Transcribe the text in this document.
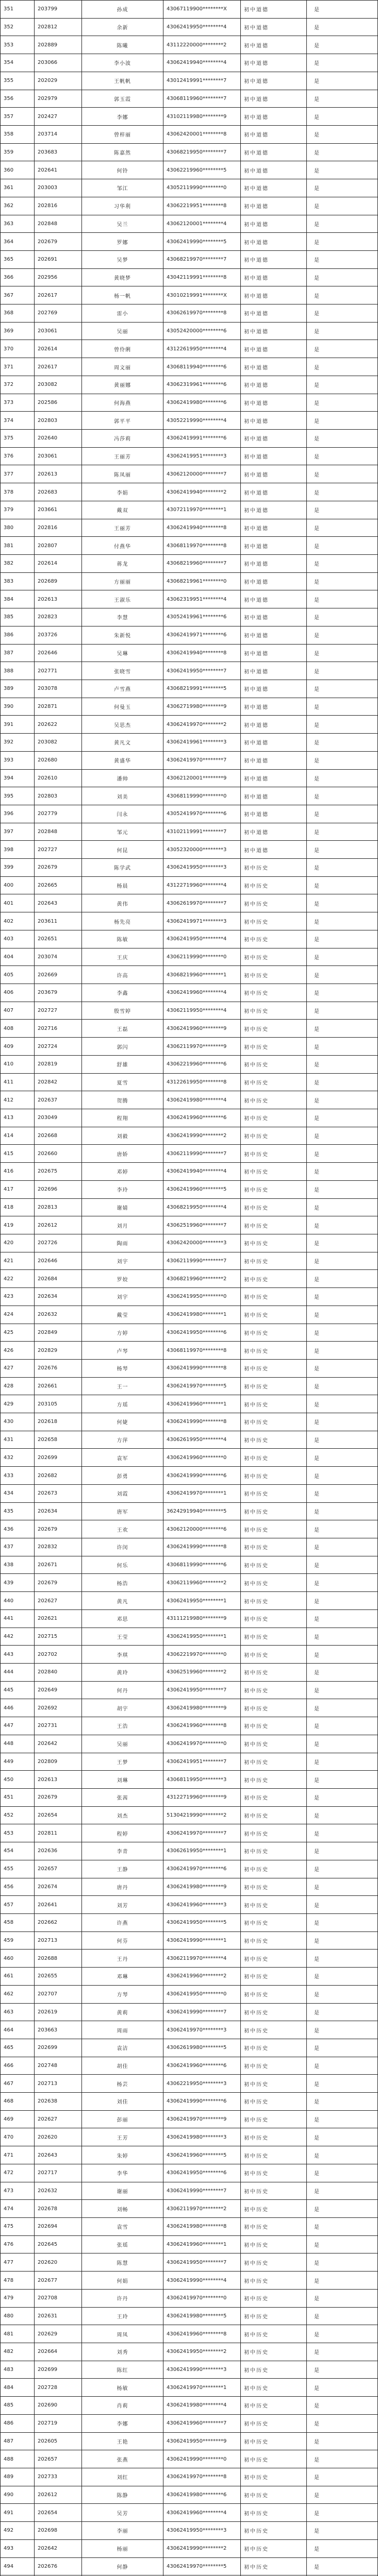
351	203799	孙成	43067119900********X	初中道德	是
352	202812	余新	43062419950********4	初中道德	是
353	202889	陈曦	43112220000********2	初中道德	是
354	203066	李小波	43062419940********4	初中道德	是
355	202029	王帆帆	43012419991********7	初中道德	是
356	202979	郭玉霞	43068119960********7	初中道德	是
357	202427	李娜	43102119980********9	初中道德	是
358	203714	曾梓丽	43062420001********8	初中道德	是
359	203683	陈嘉然	43068219950********7	初中道德	是
360	202641	何铃	43062219960********5	初中道德	是
361	203003	邹江	43052119990********0	初中道德	是
362	202816	习华利	43062219951********8	初中道德	是
363	202848	吴兰	43062120001********4	初中道德	是
364	202679	罗娜	43062419990********5	初中道德	是
365	202691	吴梦	43068219970********7	初中道德	是
366	202956	黄晓梦	43042119991********8	初中道德	是
367	202617	杨一帆	43010219991********X	初中道德	是
368	202769	雷小	43062619970********8	初中道德	是
369	203061	吴丽	43052420000********6	初中道德	是
370	202614	曾伶俐	43122619950********4	初中道德	是
371	202617	周文丽	43068119940********6	初中道德	是
372	203082	黄丽娜	43062319961********6	初中道德	是
373	202586	何海燕	43062419980********6	初中道德	是
374	202803	郭平平	43052219990********4	初中道德	是
375	202640	冯莎莉	43062419991********6	初中道德	是
376	203061	王丽芳	43062419951********3	初中道德	是
377	202613	陈凤丽	43062120000********7	初中道德	是
378	202683	李娟	43062419940********2	初中道德	是
379	203661	戴双	43072119970********1	初中道德	是
380	202816	王丽芳	43062419940********8	初中道德	是
381	202807	付燕华	43068119970********8	初中道德	是
382	202614	蒋龙	43068219960********7	初中道德	是
383	202689	方丽丽	43068219961********0	初中道德	是
384	202613	王淑乐	43062319951********4	初中道德	是
385	202823	李慧	43052419961********6	初中道德	是
386	203726	朱新悦	43062419971********6	初中道德	是
387	202646	吴琳	43062419940********8	初中道德	是
388	202771	张晓雪	43062419950********7	初中道德	是
389	203078	卢雪燕	43068219991********5	初中道德	是
390	202871	何曼玉	43062719980********9	初中道德	是
391	202622	吴思杰	43062419970********2	初中道德	是
392	203082	黄凡文	43062419961********3	初中道德	是
393	202680	黄盛华	43062419970********7	初中道德	是
394	202610	潘帅	43062120001********9	初中道德	是
395	202803	刘美	43068119990********0	初中道德	是
396	202779	闫永	43052419970********6	初中道德	是
397	202848	邹元	43102119991********7	初中道德	是
398	202727	何昆	43052320000********3	初中道德	是
399	202679	陈学武	43062419950********3	初中历史	是
400	202665	杨晨	43122719960********4	初中历史	是
401	202643	黄伟	43062619970********7	初中历史	是
402	203611	杨先亮	43062419971********3	初中历史	是
403	202651	陈敏	43062419950********4	初中历史	是
404	203074	王庆	43062119990********0	初中历史	是
405	202669	许高	43068219960********1	初中历史	是
406	203679	李鑫	43062419960********4	初中历史	是
407	202727	殷雪婷	43062119950********4	初中历史	是
408	202716	王磊	43062419960********9	初中历史	是
409	202724	郭闪	43062119970********9	初中历史	是
410	202819	舒雄	43062219960********6	初中历史	是
411	202842	夏雪	43122619950********8	初中历史	是
412	202637	贺腾	43062419980********4	初中历史	是
413	203049	程翔	43062419960********6	初中历史	是
414	202668	刘毅	43062419990********2	初中历史	是
415	202660	唐娇	43062119990********7	初中历史	是
416	202675	邓婷	43062419940********4	初中历史	是
417	202696	李玲	43062419960********5	初中历史	是
418	202813	谢婧	43068219950********4	初中历史	是
419	202612	刘月	43062519960********7	初中历史	是
420	202726	陶雨	43062420000********3	初中历史	是
421	202646	刘宇	43062119990********7	初中历史	是
422	202684	罗姣	43068219960********2	初中历史	是
423	202634	刘宇	43062419950********0	初中历史	是
424	202632	戴莹	43062419980********1	初中历史	是
425	202849	方婷	43062419950********6	初中历史	是
426	202829	卢琴	43068119970********8	初中历史	是
427	202676	杨琴	43062419990********8	初中历史	是
428	202661	王一	43062419970********5	初中历史	是
429	203105	方瑶	43062419960********1	初中历史	是
430	202618	何婕	43062419990********8	初中历史	是
431	202658	方萍	43062619950********4	初中历史	是
432	202699	袁军	43062419960********0	初中历史	是
433	202682	彭勇	43062419990********6	初中历史	是
434	202673	刘霞	43062419970********1	初中历史	是
435	202634	唐军	36242919940********5	初中历史	是
436	202679	王欢	43062120000********6	初中历史	是
437	202832	许闵	43062419990********8	初中历史	是
438	202671	何乐	43068119990********6	初中历史	是
439	202679	杨浩	43062119960********2	初中历史	是
440	202627	黄凡	43062419950********1	初中历史	是
441	202621	邓思	43111219980********9	初中历史	是
442	202715	王莹	43062419950********1	初中历史	是
443	202702	李琪	43062219970********0	初中历史	是
444	202840	黄玲	43062519960********2	初中历史	是
445	202649	何丹	43062419950********7	初中历史	是
446	202692	胡宇	43062419980********9	初中历史	是
447	202731	王浩	43062419960********8	初中历史	是
448	202642	吴丽	43062419970********0	初中历史	是
449	202809	王梦	43062419951********7	初中历史	是
450	202613	刘琳	43068119950********3	初中历史	是
451	202679	张茜	43122719960********9	初中历史	是
452	202654	刘杰	51304219990********2	初中历史	是
453	202811	程婷	43062419970********7	初中历史	是
454	202636	李青	43062619950********1	初中历史	是
455	202657	王静	43062419970********6	初中历史	是
456	202674	唐丹	43062419980********9	初中历史	是
457	202641	刘芳	43062419960********3	初中历史	是
458	202662	许燕	43062419950********5	初中历史	是
459	202713	何芬	43062419990********1	初中历史	是
460	202688	王丹	43062119970********4	初中历史	是
461	202655	邓琳	43062419960********2	初中历史	是
462	202707	方琴	43062419950********0	初中历史	是
463	202619	黄莉	43062419990********7	初中历史	是
464	203663	周雨	43062419970********3	初中历史	是
465	202699	袁洁	43062619980********5	初中历史	是
466	202748	胡佳	43062419960********6	初中历史	是
467	202713	杨芸	43062219950********3	初中历史	是
468	202638	刘佳	43062419990********6	初中历史	是
469	202627	彭丽	43062419970********9	初中历史	是
470	202620	王芳	43062419980********3	初中历史	是
471	202643	朱婷	43062419960********5	初中历史	是
472	202717	李华	43062419950********6	初中历史	是
473	202632	谢丽	43062419990********7	初中历史	是
474	202678	刘畅	43062119970********2	初中历史	是
475	202694	袁雪	43062419980********8	初中历史	是
476	202645	张瑶	43062419960********1	初中历史	是
477	202620	陈慧	43062419950********7	初中历史	是
478	202677	何娟	43062419990********4	初中历史	是
479	202708	许丹	43062419970********0	初中历史	是
480	202631	王玲	43062419980********5	初中历史	是
481	202629	周凤	43062419960********8	初中历史	是
482	202664	刘秀	43062419950********2	初中历史	是
483	202699	陈红	43062419990********3	初中历史	是
484	202728	杨敏	43062419970********1	初中历史	是
485	202690	肖莉	43062419980********4	初中历史	是
486	202719	李娜	43062419960********7	初中历史	是
487	202605	王艳	43062419950********9	初中历史	是
488	202657	张燕	43062419990********0	初中历史	是
489	202733	刘红	43062419970********8	初中历史	是
490	202612	陈静	43062419980********6	初中历史	是
491	202654	吴芳	43062419960********4	初中历史	是
492	202698	李丽	43062419950********3	初中历史	是
493	202642	杨丽	43062419990********2	初中历史	是
494	202676	何静	43062419970********5	初中历史	是
